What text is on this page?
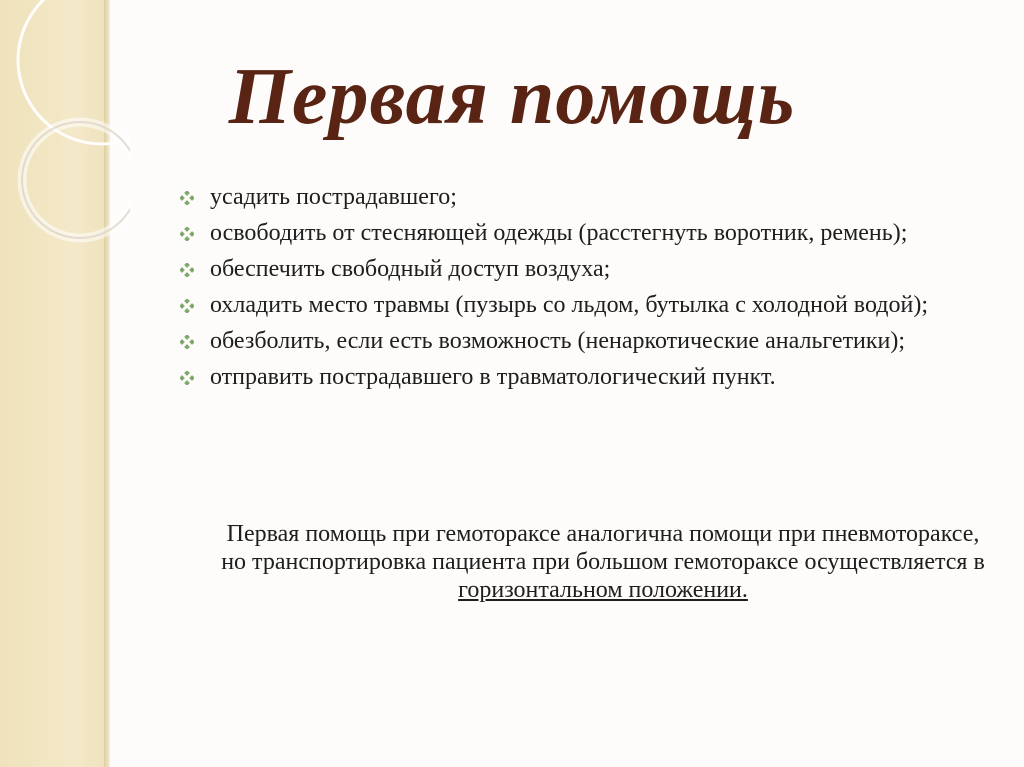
Первая помощь
усадить пострадавшего;
освободить от стесняющей одежды (расстегнуть воротник, ремень);
обеспечить свободный доступ воздуха;
охладить место травмы (пузырь со льдом, бутылка с холодной водой);
обезболить, если есть возможность (ненаркотические анальгетики);
отправить пострадавшего в травматологический пункт.

Первая помощь при гемотораксе аналогична помощи при пневмотораксе, но транспортировка пациента при большом гемотораксе осуществляется в горизонтальном положении.
